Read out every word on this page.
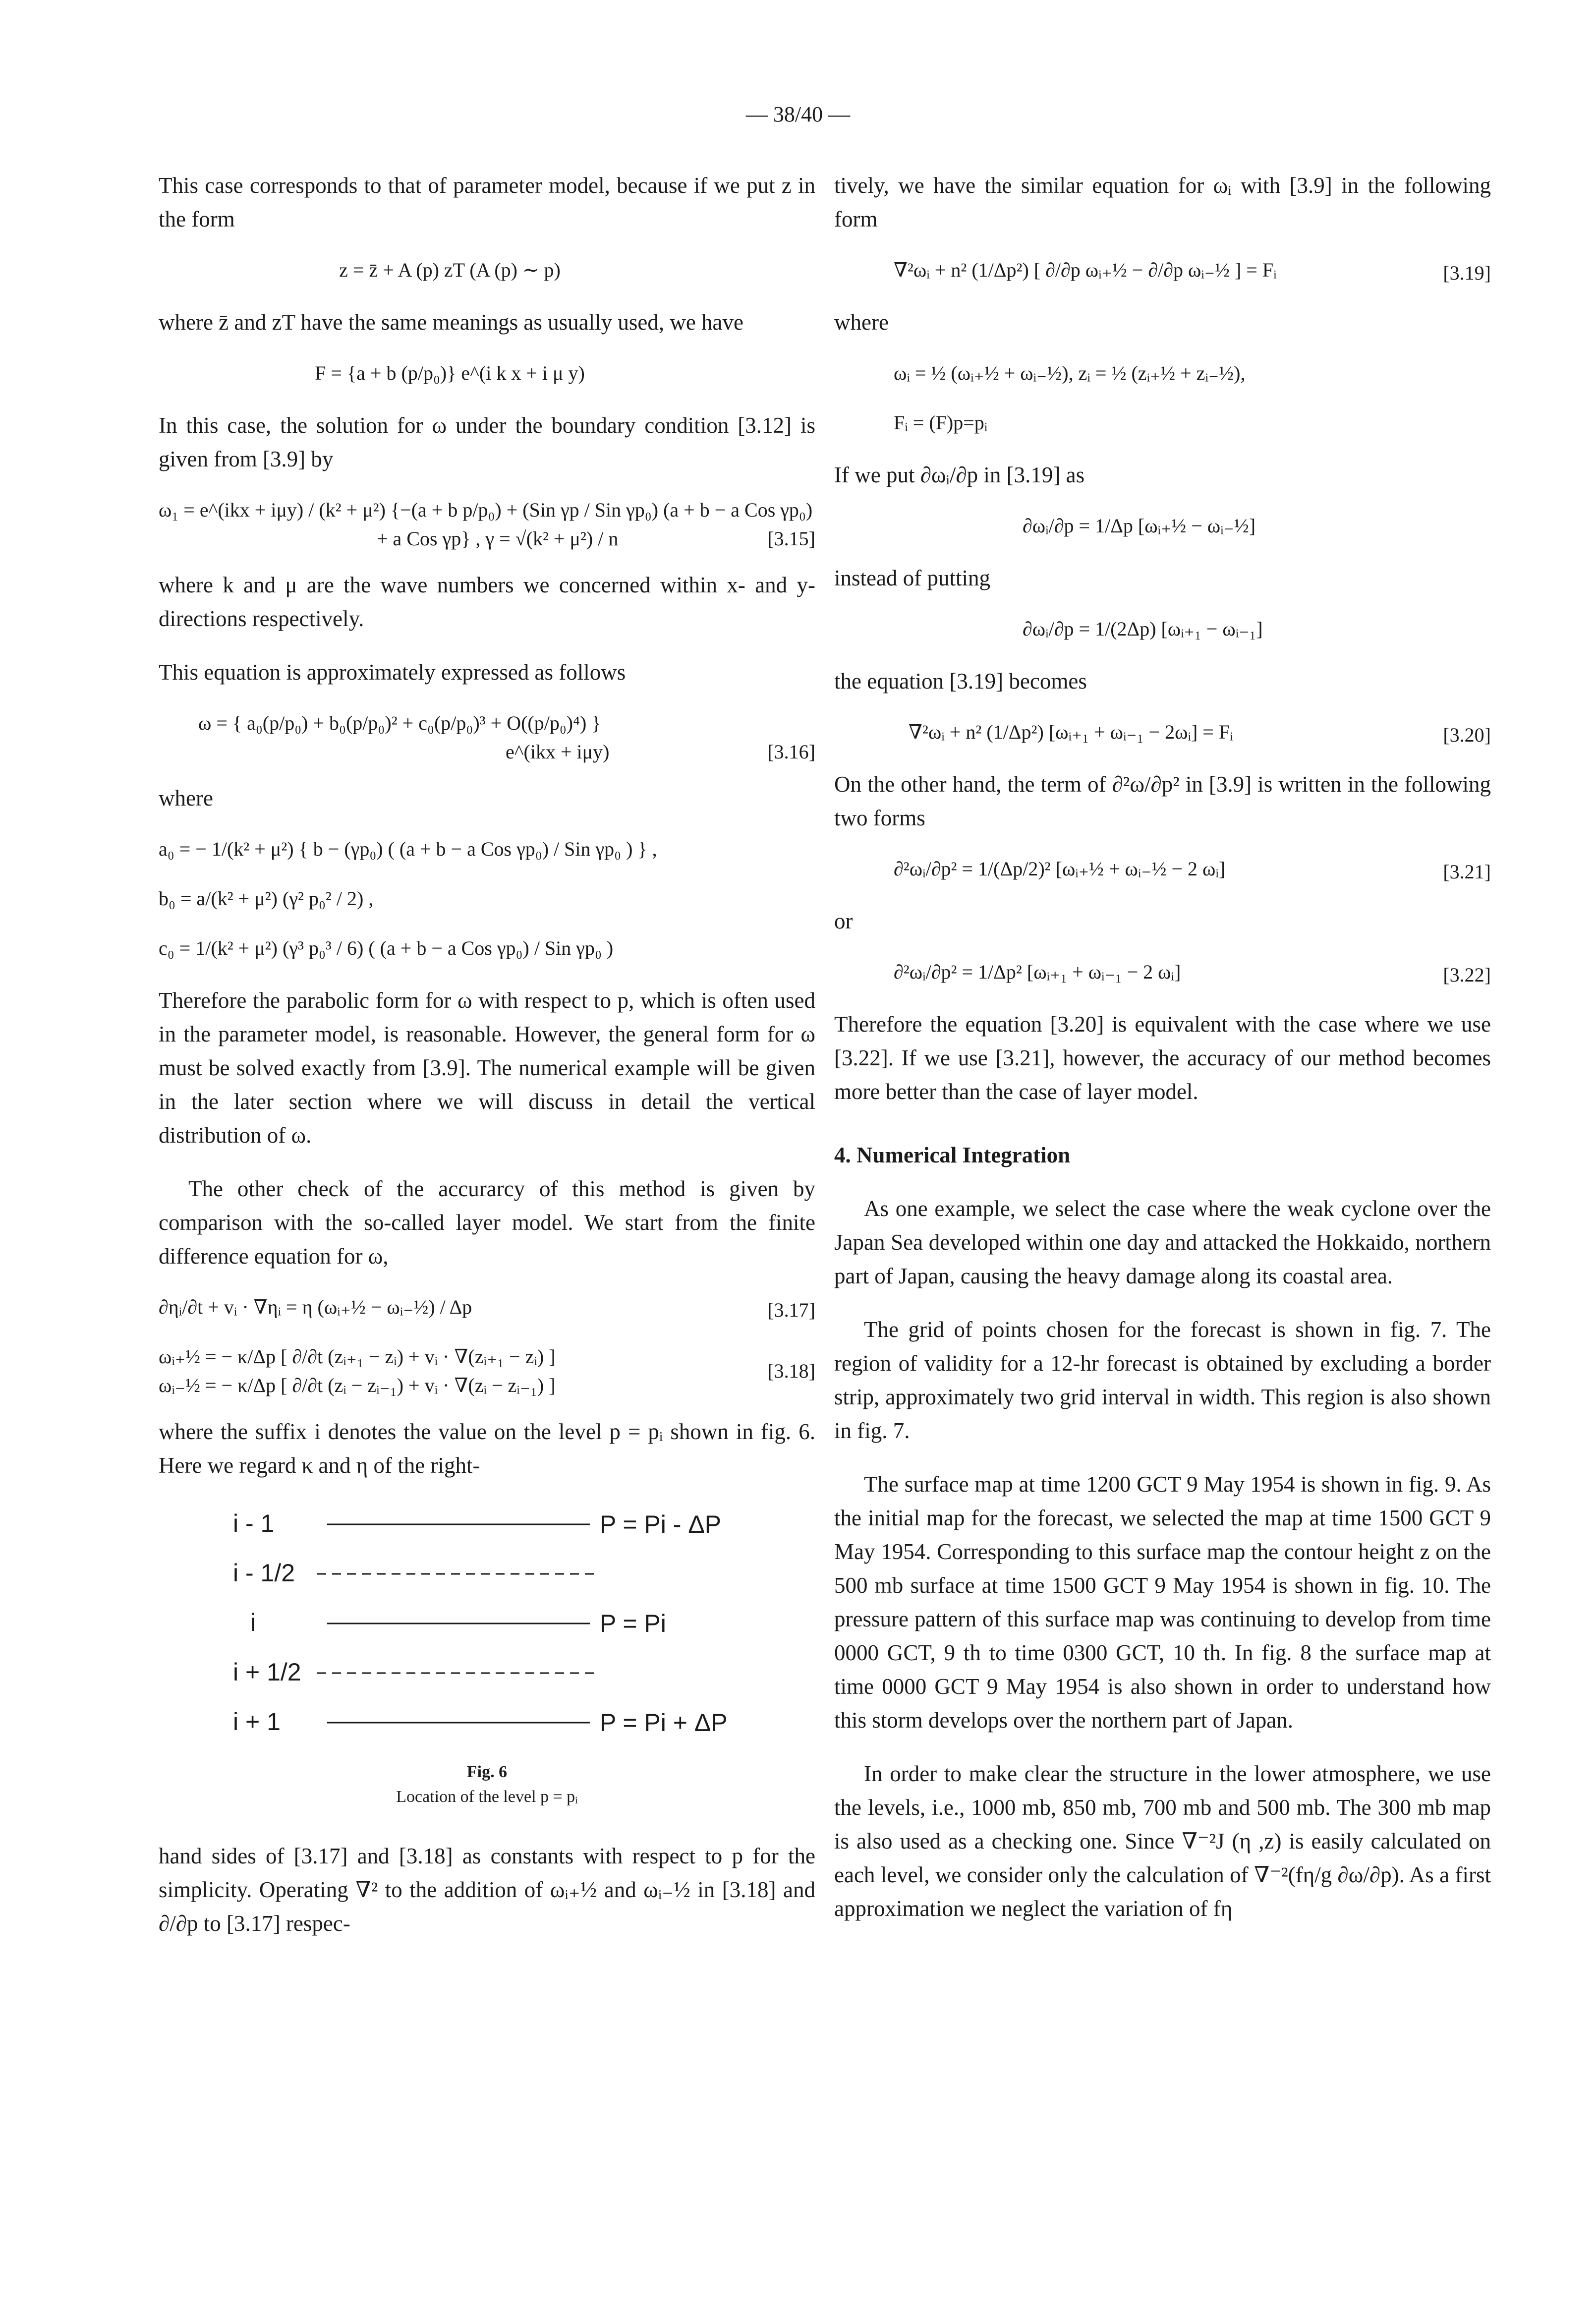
— 38/40 —

This case corresponds to that of parameter model, because if we put z in the form

z = z̄ + A (p) zT (A (p) ∼ p)

where z̄ and zT have the same meanings as usually used, we have

F = {a + b (p/p₀)} e^(i k x + i μ y)

In this case, the solution for ω under the boundary condition [3.12] is given from [3.9] by

ω₁ = e^(ikx + iμy) / (k² + μ²) {−(a + b p/p₀) + (Sin γp / Sin γp₀) (a + b − a Cos γp₀)
+ a Cos γp} , γ = √(k² + μ²) / n	[3.15]

where k and μ are the wave numbers we concerned within x- and y-directions respectively.

This equation is approximately expressed as follows

ω = { a₀(p/p₀) + b₀(p/p₀)² + c₀(p/p₀)³ + O((p/p₀)⁴) }
e^(ikx + iμy)	[3.16]

where

a₀ = − 1/(k² + μ²) { b − (γp₀) ( (a + b − a Cos γp₀) / Sin γp₀ ) } ,
b₀ = a/(k² + μ²) (γ² p₀² / 2) ,
c₀ = 1/(k² + μ²) (γ³ p₀³ / 6) ( (a + b − a Cos γp₀) / Sin γp₀ )

Therefore the parabolic form for ω with respect to p, which is often used in the parameter model, is reasonable. However, the general form for ω must be solved exactly from [3.9]. The numerical example will be given in the later section where we will discuss in detail the vertical distribution of ω.

The other check of the accurarcy of this method is given by comparison with the so-called layer model. We start from the finite difference equation for ω,

∂ηᵢ/∂t + vᵢ · ∇ηᵢ = η (ωᵢ₊½ − ωᵢ₋½) / Δp	[3.17]
ωᵢ₊½ = − κ/Δp [ ∂/∂t (zᵢ₊₁ − zᵢ) + vᵢ · ∇(zᵢ₊₁ − zᵢ) ]
ωᵢ₋½ = − κ/Δp [ ∂/∂t (zᵢ − zᵢ₋₁) + vᵢ · ∇(zᵢ − zᵢ₋₁) ]
[3.18]

where the suffix i denotes the value on the level p = pᵢ shown in fig. 6. Here we regard κ and η of the right-

i - 1	P = Pi - ΔP
i - 1/2
i	P = Pi
i + 1/2
i + 1	P = Pi + ΔP
Fig. 6
Location of the level p = pᵢ

hand sides of [3.17] and [3.18] as constants with respect to p for the simplicity. Operating ∇² to the addition of ωᵢ₊½ and ωᵢ₋½ in [3.18] and ∂/∂p to [3.17] respec-

tively, we have the similar equation for ωᵢ with [3.9] in the following form

∇²ωᵢ + n² (1/Δp²) [ ∂/∂p ωᵢ₊½ − ∂/∂p ωᵢ₋½ ] = Fᵢ	[3.19]

where

ωᵢ = ½ (ωᵢ₊½ + ωᵢ₋½), zᵢ = ½ (zᵢ₊½ + zᵢ₋½),
Fᵢ = (F)p=pᵢ

If we put ∂ωᵢ/∂p in [3.19] as

∂ωᵢ/∂p = 1/Δp [ωᵢ₊½ − ωᵢ₋½]

instead of putting

∂ωᵢ/∂p = 1/(2Δp) [ωᵢ₊₁ − ωᵢ₋₁]

the equation [3.19] becomes

∇²ωᵢ + n² (1/Δp²) [ωᵢ₊₁ + ωᵢ₋₁ − 2ωᵢ] = Fᵢ	[3.20]

On the other hand, the term of ∂²ω/∂p² in [3.9] is written in the following two forms

∂²ωᵢ/∂p² = 1/(Δp/2)² [ωᵢ₊½ + ωᵢ₋½ − 2 ωᵢ]	[3.21]

or

∂²ωᵢ/∂p² = 1/Δp² [ωᵢ₊₁ + ωᵢ₋₁ − 2 ωᵢ]	[3.22]

Therefore the equation [3.20] is equivalent with the case where we use [3.22]. If we use [3.21], however, the accuracy of our method becomes more better than the case of layer model.

4. Numerical Integration

As one example, we select the case where the weak cyclone over the Japan Sea developed within one day and attacked the Hokkaido, northern part of Japan, causing the heavy damage along its coastal area.

The grid of points chosen for the forecast is shown in fig. 7. The region of validity for a 12-hr forecast is obtained by excluding a border strip, approximately two grid interval in width. This region is also shown in fig. 7.

The surface map at time 1200 GCT 9 May 1954 is shown in fig. 9. As the initial map for the forecast, we selected the map at time 1500 GCT 9 May 1954. Corresponding to this surface map the contour height z on the 500 mb surface at time 1500 GCT 9 May 1954 is shown in fig. 10. The pressure pattern of this surface map was continuing to develop from time 0000 GCT, 9 th to time 0300 GCT, 10 th. In fig. 8 the surface map at time 0000 GCT 9 May 1954 is also shown in order to understand how this storm develops over the northern part of Japan.

In order to make clear the structure in the lower atmosphere, we use the levels, i.e., 1000 mb, 850 mb, 700 mb and 500 mb. The 300 mb map is also used as a checking one. Since ∇⁻²J (η ,z) is easily calculated on each level, we consider only the calculation of ∇⁻²(fη/g ∂ω/∂p). As a first approximation we neglect the variation of fη
